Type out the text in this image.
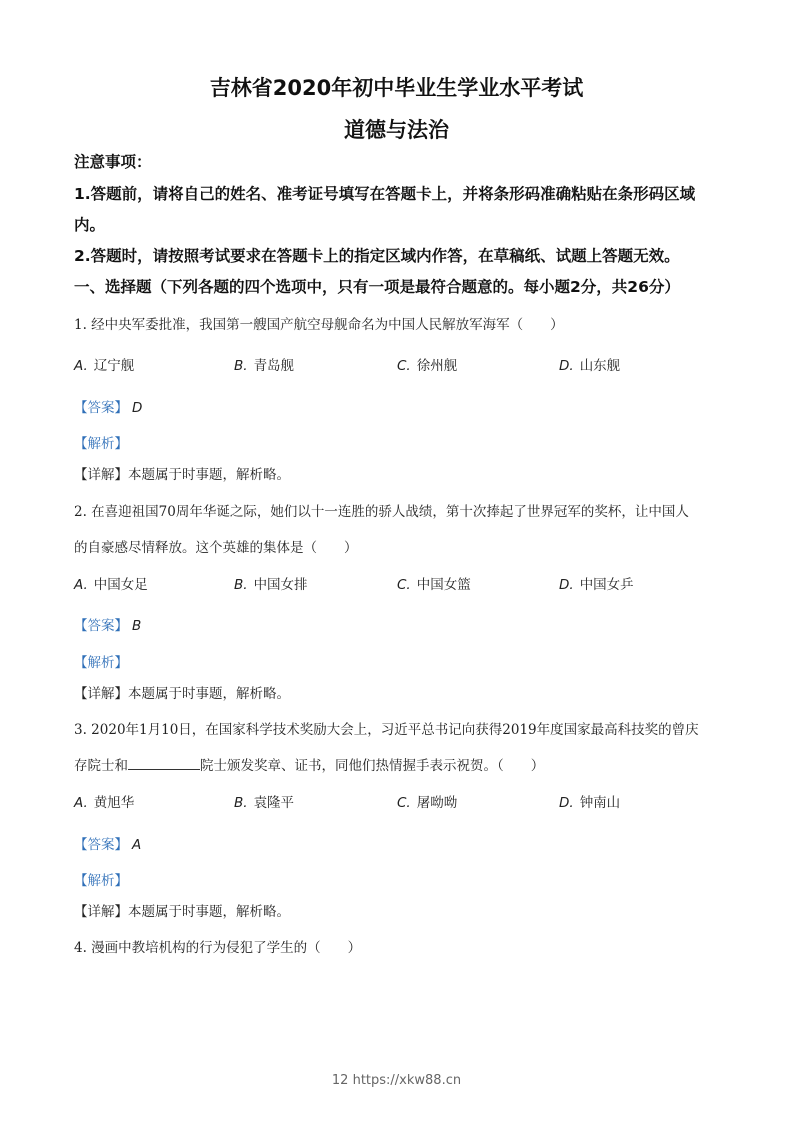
吉林省2020年初中毕业生学业水平考试
道德与法治
注意事项：
1.答题前，请将自己的姓名、准考证号填写在答题卡上，并将条形码准确粘贴在条形码区域
内。
2.答题时，请按照考试要求在答题卡上的指定区域内作答，在草稿纸、试题上答题无效。
一、选择题（下列各题的四个选项中，只有一项是最符合题意的。每小题2分，共26分）
1. 经中央军委批准，我国第一艘国产航空母舰命名为中国人民解放军海军（　　）
A. 辽宁舰	B. 青岛舰	C. 徐州舰	D. 山东舰
【答案】 D
【解析】
【详解】本题属于时事题，解析略。
2. 在喜迎祖国70周年华诞之际，她们以十一连胜的骄人战绩，第十次捧起了世界冠军的奖杯，让中国人
的自豪感尽情释放。这个英雄的集体是（　　）
A. 中国女足	B. 中国女排	C. 中国女篮	D. 中国女乒
【答案】 B
【解析】
【详解】本题属于时事题，解析略。
3. 2020年1月10日，在国家科学技术奖励大会上，习近平总书记向获得2019年度国家最高科技奖的曾庆
存院士和	院士颁发奖章、证书，同他们热情握手表示祝贺。（　　）
A. 黄旭华	B. 袁隆平	C. 屠呦呦	D. 钟南山
【答案】 A
【解析】
【详解】本题属于时事题，解析略。
4. 漫画中教培机构的行为侵犯了学生的（　　）
12 https://xkw88.cn
